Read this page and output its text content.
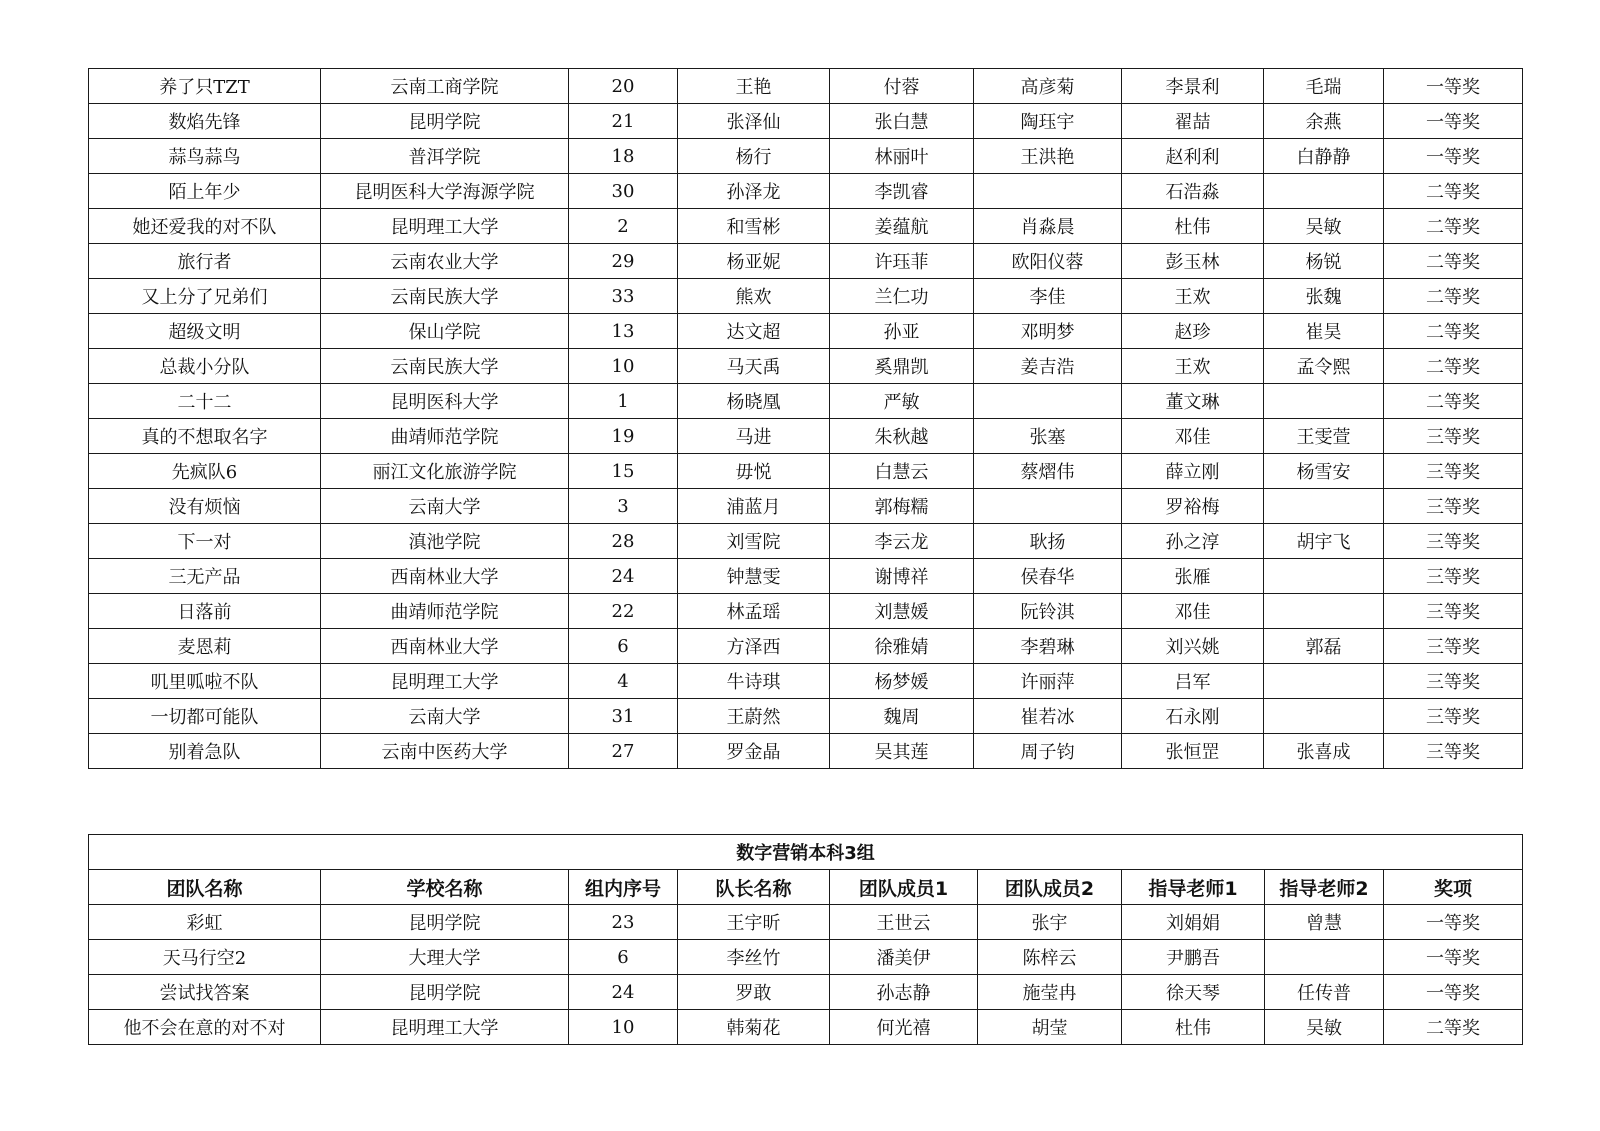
养了只TZT	云南工商学院	20	王艳	付蓉	高彦菊	李景利	毛瑞	一等奖
数焰先锋	昆明学院	21	张泽仙	张白慧	陶珏宇	翟喆	余燕	一等奖
蒜鸟蒜鸟	普洱学院	18	杨行	林丽叶	王洪艳	赵利利	白静静	一等奖
陌上年少	昆明医科大学海源学院	30	孙泽龙	李凯睿		石浩淼		二等奖
她还爱我的对不队	昆明理工大学	2	和雪彬	姜蕴航	肖淼晨	杜伟	吴敏	二等奖
旅行者	云南农业大学	29	杨亚妮	许珏菲	欧阳仪蓉	彭玉林	杨锐	二等奖
又上分了兄弟们	云南民族大学	33	熊欢	兰仁功	李佳	王欢	张魏	二等奖
超级文明	保山学院	13	达文超	孙亚	邓明梦	赵珍	崔昊	二等奖
总裁小分队	云南民族大学	10	马天禹	奚鼎凯	姜吉浩	王欢	孟令熙	二等奖
二十二	昆明医科大学	1	杨晓凰	严敏		董文琳		二等奖
真的不想取名字	曲靖师范学院	19	马进	朱秋越	张塞	邓佳	王雯萱	三等奖
先疯队6	丽江文化旅游学院	15	毋悦	白慧云	蔡熠伟	薛立刚	杨雪安	三等奖
没有烦恼	云南大学	3	浦蓝月	郭梅糯		罗裕梅		三等奖
下一对	滇池学院	28	刘雪院	李云龙	耿扬	孙之淳	胡宇飞	三等奖
三无产品	西南林业大学	24	钟慧雯	谢博祥	侯春华	张雁		三等奖
日落前	曲靖师范学院	22	林孟瑶	刘慧媛	阮铃淇	邓佳		三等奖
麦恩莉	西南林业大学	6	方泽西	徐雅婧	李碧琳	刘兴姚	郭磊	三等奖
叽里呱啦不队	昆明理工大学	4	牛诗琪	杨梦媛	许丽萍	吕军		三等奖
一切都可能队	云南大学	31	王蔚然	魏周	崔若冰	石永刚		三等奖
别着急队	云南中医药大学	27	罗金晶	吴其莲	周子钧	张恒罡	张喜成	三等奖
数字营销本科3组								
团队名称	学校名称	组内序号	队长名称	团队成员1	团队成员2	指导老师1	指导老师2	奖项
彩虹	昆明学院	23	王宇昕	王世云	张宇	刘娟娟	曾慧	一等奖
天马行空2	大理大学	6	李丝竹	潘美伊	陈梓云	尹鹏吾		一等奖
尝试找答案	昆明学院	24	罗敢	孙志静	施莹冉	徐天琴	任传普	一等奖
他不会在意的对不对	昆明理工大学	10	韩菊花	何光禧	胡莹	杜伟	吴敏	二等奖
